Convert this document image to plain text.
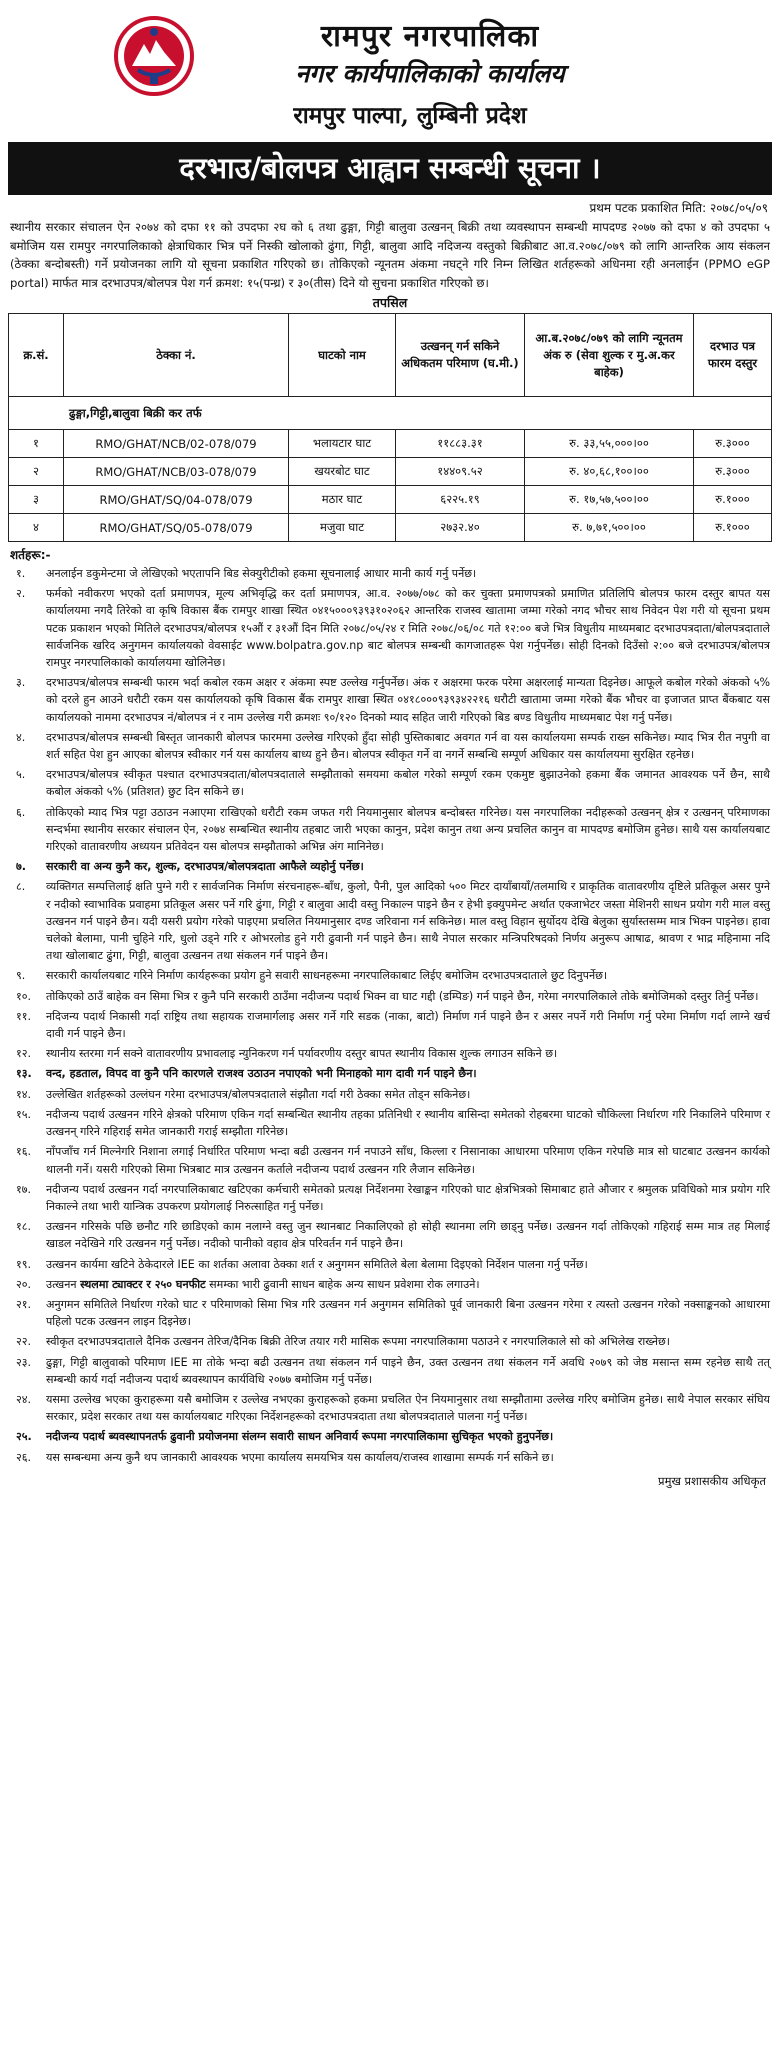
रामपुर नगरपालिका
नगर कार्यपालिकाको कार्यालय
रामपुर पाल्पा, लुम्बिनी प्रदेश
दरभाउ/बोलपत्र आह्वान सम्बन्धी सूचना ।
प्रथम पटक प्रकाशित मिति: २०७८/०५/०९
स्थानीय सरकार संचालन ऐन २०७४ को दफा ११ को उपदफा २घ को ६ तथा ढुङ्गा, गिट्टी बालुवा उत्खनन् बिक्री तथा व्यवस्थापन सम्बन्धी मापदण्ड २०७७ को दफा ४ को उपदफा ५ बमोजिम यस रामपुर नगरपालिकाको क्षेत्राधिकार भित्र पर्ने निस्की खोलाको ढुंगा, गिट्टी, बालुवा आदि नदिजन्य वस्तुको बिक्रीबाट आ.व.२०७८/०७९ को लागि आन्तरिक आय संकलन (ठेक्का बन्दोबस्ती) गर्ने प्रयोजनका लागि यो सूचना प्रकाशित गरिएको छ। तोकिएको न्यूनतम अंकमा नघट्ने गरि निम्न लिखित शर्तहरूको अधिनमा रही अनलाईन (PPMO eGP portal) मार्फत मात्र दरभाउपत्र/बोलपत्र पेश गर्न क्रमश: १५(पन्ध्र) र ३०(तीस) दिने यो सुचना प्रकाशित गरिएको छ।
तपसिल
क्र.सं.	ठेक्का नं.	घाटको नाम	उत्खनन् गर्न सकिने अधिकतम परिमाण (घ.मी.)	आ.ब.२०७८/०७९ को लागि न्यूनतम अंक रु (सेवा शुल्क र मु.अ.कर बाहेक)	दरभाउ पत्र फारम दस्तुर
ढुङ्गा,गिट्टी,बालुवा बिक्री कर तर्फ					
१	RMO/GHAT/NCB/02-078/079	भलायटार घाट	११८८३.३१	रु. ३३,५५,०००।००	रु.३०००
२	RMO/GHAT/NCB/03-078/079	खयरबोट घाट	१४४०९.५२	रु. ४०,६८,१००।००	रु.३०००
३	RMO/GHAT/SQ/04-078/079	मठार घाट	६२२५.१९	रु. १७,५७,५००।००	रु.१०००
४	RMO/GHAT/SQ/05-078/079	मजुवा घाट	२७३२.४०	रु. ७,७१,५००।००	रु.१०००
शर्तहरू:-
१.	अनलाईन डकुमेन्टमा जे लेखिएको भएतापनि बिड सेक्युरीटीको हकमा सूचनालाई आधार मानी कार्य गर्नु पर्नेछ।
२.	फर्मको नवीकरण भएको दर्ता प्रमाणपत्र, मूल्य अभिवृद्धि कर दर्ता प्रमाणपत्र, आ.व. २०७७/०७८ को कर चुक्ता प्रमाणपत्रको प्रमाणित प्रतिलिपि बोलपत्र फारम दस्तुर बापत यस कार्यालयमा नगदै तिरेको वा कृषि विकास बैंक रामपुर शाखा स्थित ०४१५०००९३९३१०२०६२ आन्तरिक राजस्व खातामा जम्मा गरेको नगद भौचर साथ निवेदन पेश गरी यो सूचना प्रथम पटक प्रकाशन भएको मितिले दरभाउपत्र/बोलपत्र १५औं र ३१औं दिन मिति २०७८/०५/२४ र मिति २०७८/०६/०८ गते १२:०० बजे भित्र विधुतीय माध्यमबाट दरभाउपत्रदाता/बोलपत्रदाताले सार्वजनिक खरिद अनुगमन कार्यालयको वेवसाईट www.bolpatra.gov.np बाट बोलपत्र सम्बन्धी कागजातहरू पेश गर्नुपर्नेछ। सोही दिनको दिउँसो २:०० बजे दरभाउपत्र/बोलपत्र रामपुर नगरपालिकाको कार्यालयमा खोलिनेछ।
३.	दरभाउपत्र/बोलपत्र सम्बन्धी फारम भर्दा कबोल रकम अक्षर र अंकमा स्पष्ट उल्लेख गर्नुपर्नेछ। अंक र अक्षरमा फरक परेमा अक्षरलाई मान्यता दिइनेछ। आफूले कबोल गरेको अंकको ५% को दरले हुन आउने धरौटी रकम यस कार्यालयको कृषि विकास बैंक रामपुर शाखा स्थित ०४१८०००९३९३४२२१६ धरौटी खातामा जम्मा गरेको बैंक भौचर वा इजाजत प्राप्त बैंकबाट यस कार्यालयको नाममा दरभाउपत्र नं/बोलपत्र नं र नाम उल्लेख गरी क्रमशः ९०/१२० दिनको म्याद सहित जारी गरिएको बिड बण्ड विधुतीय माध्यमबाट पेश गर्नु पर्नेछ।
४.	दरभाउपत्र/बोलपत्र सम्बन्धी बिस्तृत जानकारी बोलपत्र फारममा उल्लेख गरिएको हुँदा सोही पुस्तिकाबाट अवगत गर्न वा यस कार्यालयमा सम्पर्क राख्न सकिनेछ। म्याद भित्र रीत नपुगी वा शर्त सहित पेश हुन आएका बोलपत्र स्वीकार गर्न यस कार्यालय बाध्य हुने छैन। बोलपत्र स्वीकृत गर्ने वा नगर्ने सम्बन्धि सम्पूर्ण अधिकार यस कार्यालयमा सुरक्षित रहनेछ।
५.	दरभाउपत्र/बोलपत्र स्वीकृत पश्चात दरभाउपत्रदाता/बोलपत्रदाताले सम्झौताको समयमा कबोल गरेको सम्पूर्ण रकम एकमुष्ट बुझाउनेको हकमा बैंक जमानत आवश्यक पर्ने छैन, साथै कबोल अंकको ५% (प्रतिशत) छुट दिन सकिने छ।
६.	तोकिएको म्याद भित्र पट्टा उठाउन नआएमा राखिएको धरौटी रकम जफत गरी नियमानुसार बोलपत्र बन्दोबस्त गरिनेछ। यस नगरपालिका नदीहरूको उत्खनन् क्षेत्र र उत्खनन् परिमाणका सन्दर्भमा स्थानीय सरकार संचालन ऐन, २०७४ सम्बन्धित स्थानीय तहबाट जारी भएका कानुन, प्रदेश कानुन तथा अन्य प्रचलित कानुन वा मापदण्ड बमोजिम हुनेछ। साथै यस कार्यालयबाट गरिएको वातावरणीय अध्ययन प्रतिवेदन यस बोलपत्र सम्झौताको अभिन्न अंग मानिनेछ।
७.	सरकारी वा अन्य कुनै कर, शुल्क, दरभाउपत्र/बोलपत्रदाता आफैले व्यहोर्नु पर्नेछ।
८.	व्यक्तिगत सम्पत्तिलाई क्षति पुग्ने गरी र सार्वजनिक निर्माण संरचनाहरू-बाँध, कुलो, पैनी, पुल आदिको ५०० मिटर दायाँबायाँ/तलमाथि र प्राकृतिक वातावरणीय दृष्टिले प्रतिकूल असर पुग्ने र नदीको स्वाभाविक प्रवाहमा प्रतिकूल असर पर्ने गरि ढुंगा, गिट्टी र बालुवा आदी वस्तु निकाल्न पाइने छैन र हेभी इक्युपमेन्ट अर्थात एक्जाभेटर जस्ता मेशिनरी साधन प्रयोग गरी माल वस्तु उत्खनन गर्न पाइने छैन। यदी यसरी प्रयोग गरेको पाइएमा प्रचलित नियमानुसार दण्ड जरिवाना गर्न सकिनेछ। माल वस्तु विहान सुर्योदय देखि बेलुका सुर्यास्तसम्म मात्र भिक्न पाइनेछ। हावा चलेको बेलामा, पानी चुहिने गरि, धुलो उड्ने गरि र ओभरलोड हुने गरी ढुवानी गर्न पाइने छैन। साथै नेपाल सरकार मन्त्रिपरिषदको निर्णय अनुरूप आषाढ, श्रावण र भाद्र महिनामा नदि तथा खोलाबाट ढुंगा, गिट्टी, बालुवा उत्खनन तथा संकलन गर्न पाइने छैन।
९.	सरकारी कार्यालयबाट गरिने निर्माण कार्यहरूका प्रयोग हुने सवारी साधनहरूमा नगरपालिकाबाट लिईए बमोजिम दरभाउपत्रदाताले छुट दिनुपर्नेछ।
१०.	तोकिएको ठाउँ बाहेक वन सिमा भित्र र कुनै पनि सरकारी ठाउँमा नदीजन्य पदार्थ भिक्न वा घाट गद्दी (डम्पिङ) गर्न पाइने छैन, गरेमा नगरपालिकाले तोके बमोजिमको दस्तुर तिर्नु पर्नेछ।
११.	नदिजन्य पदार्थ निकासी गर्दा राष्ट्रिय तथा सहायक राजमार्गलाइ असर गर्ने गरि सडक (नाका, बाटो) निर्माण गर्न पाइने छैन र असर नपर्ने गरी निर्माण गर्नु परेमा निर्माण गर्दा लाग्ने खर्च दावी गर्न पाइने छैन।
१२.	स्थानीय स्तरमा गर्न सक्ने वातावरणीय प्रभावलाइ न्युनिकरण गर्न पर्यावरणीय दस्तुर बापत स्थानीय विकास शुल्क लगाउन सकिने छ।
१३.	वन्द, हडताल, विपद वा कुनै पनि कारणले राजश्व उठाउन नपाएको भनी मिनाहको माग दावी गर्न पाइने छैन।
१४.	उल्लेखित शर्तहरूको उल्लंघन गरेमा दरभाउपत्र/बोलपत्रदाताले संझौता गर्दा गरी ठेक्का समेत तोड्न सकिनेछ।
१५.	नदीजन्य पदार्थ उत्खनन गरिने क्षेत्रको परिमाण एकिन गर्दा सम्बन्धित स्थानीय तहका प्रतिनिधी र स्थानीय बासिन्दा समेतको रोहबरमा घाटको चौकिल्ला निर्धारण गरि निकालिने परिमाण र उत्खनन् गरिने गहिराई समेत जानकारी गराई सम्झौता गरिनेछ।
१६.	नाँपजाँच गर्न मिल्नेगरि निशाना लगाई निर्धारित परिमाण भन्दा बढी उत्खनन गर्न नपाउने साँध, किल्ला र निसानाका आधारमा परिमाण एकिन गरेपछि मात्र सो घाटबाट उत्खनन कार्यको थालनी गर्ने। यसरी गरिएको सिमा भित्रबाट मात्र उत्खनन कर्ताले नदीजन्य पदार्थ उत्खनन गरि लैजान सकिनेछ।
१७.	नदीजन्य पदार्थ उत्खनन गर्दा नगरपालिकाबाट खटिएका कर्मचारी समेतको प्रत्यक्ष निर्देशनमा रेखाङ्कन गरिएको घाट क्षेत्रभित्रको सिमाबाट हाते औजार र श्रमुलक प्रविधिको मात्र प्रयोग गरि निकाल्ने तथा भारी यान्त्रिक उपकरण प्रयोगलाई निरुत्साहित गर्नु पर्नेछ।
१८.	उत्खनन गरिसके पछि छनौट गरि छाडिएको काम नलाग्ने वस्तु जुन स्थानबाट निकालिएको हो सोही स्थानमा लगि छाड्नु पर्नेछ। उत्खनन गर्दा तोकिएको गहिराई सम्म मात्र तह मिलाई खाडल नदेखिने गरि उत्खनन गर्नु पर्नेछ। नदीको पानीको वहाव क्षेत्र परिवर्तन गर्न पाइने छैन।
१९.	उत्खनन कार्यमा खटिने ठेकेदारले IEE का शर्तका अलावा ठेक्का शर्त र अनुगमन समितिले बेला बेलामा दिइएको निर्देशन पालना गर्नु पर्नेछ।
२०.	उत्खनन स्थलमा ट्याक्टर र २५० घनफीट समम्का भारी ढुवानी साधन बाहेक अन्य साधन प्रवेशमा रोक लगाउने।
२१.	अनुगमन समितिले निर्धारण गरेको घाट र परिमाणको सिमा भित्र गरि उत्खनन गर्न अनुगमन समितिको पूर्व जानकारी बिना उत्खनन गरेमा र त्यस्तो उत्खनन गरेको नक्साङ्कनको आधारमा पहिलो पटक उत्खनन लाइन दिइनेछ।
२२.	स्वीकृत दरभाउपत्रदाताले दैनिक उत्खनन तेरिज/दैनिक बिक्री तेरिज तयार गरी मासिक रूपमा नगरपालिकामा पठाउने र नगरपालिकाले सो को अभिलेख राख्नेछ।
२३.	ढुङ्गा, गिट्टी बालुवाको परिमाण IEE मा तोके भन्दा बढी उत्खनन तथा संकलन गर्न पाइने छैन, उक्त उत्खनन तथा संकलन गर्ने अवधि २०७९ को जेष्ठ मसान्त सम्म रहनेछ साथै तत् सम्बन्धी कार्य गर्दा नदीजन्य पदार्थ ब्यवस्थापन कार्यविधि २०७७ बमोजिम गर्नु पर्नेछ।
२४.	यसमा उल्लेख भएका कुराहरूमा यसै बमोजिम र उल्लेख नभएका कुराहरूको हकमा प्रचलित ऐन नियमानुसार तथा सम्झौतामा उल्लेख गरिए बमोजिम हुनेछ। साथै नेपाल सरकार संघिय सरकार, प्रदेश सरकार तथा यस कार्यालयबाट गरिएका निर्देशनहरूको दरभाउपत्रदाता तथा बोलपत्रदाताले पालना गर्नु पर्नेछ।
२५.	नदीजन्य पदार्थ ब्यवस्थापनतर्फ ढुवानी प्रयोजनमा संलग्न सवारी साधन अनिवार्य रूपमा नगरपालिकामा सुचिकृत भएको हुनुपर्नेछ।
२६.	यस सम्बन्धमा अन्य कुनै थप जानकारी आवश्यक भएमा कार्यालय समयभित्र यस कार्यालय/राजस्व शाखामा सम्पर्क गर्न सकिने छ।
प्रमुख प्रशासकीय अधिकृत
